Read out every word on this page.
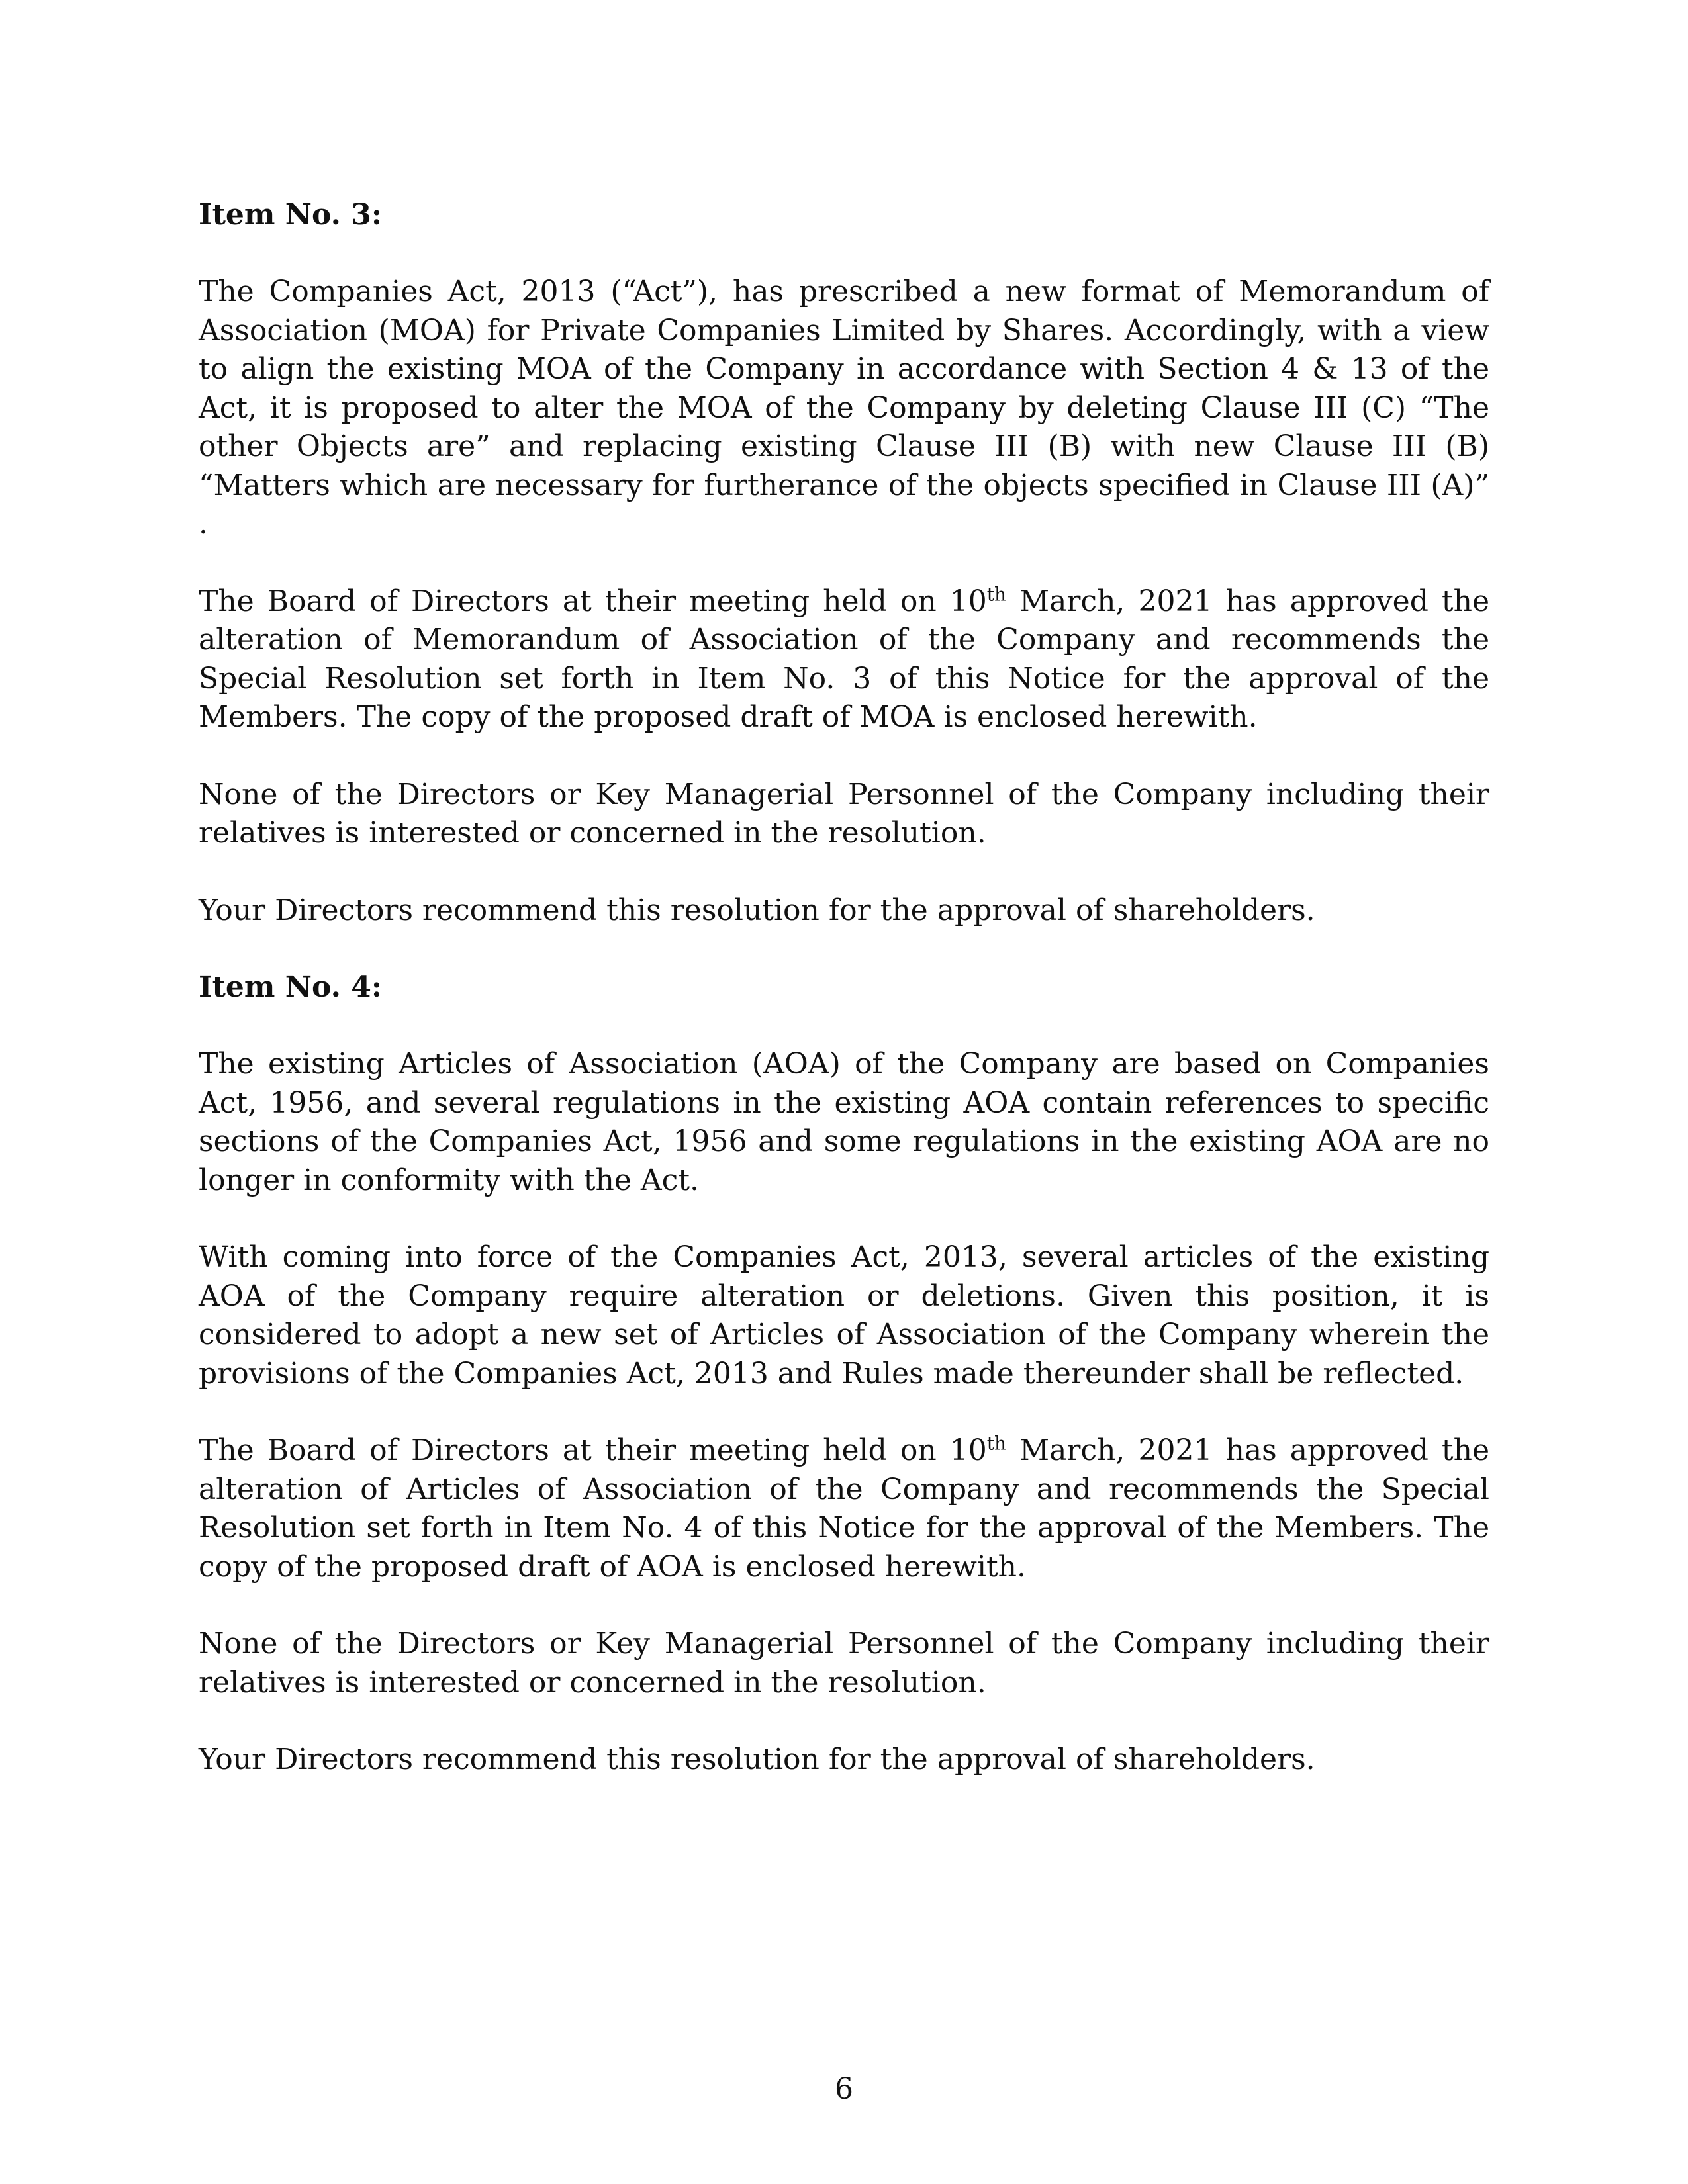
Item No. 3:

The Companies Act, 2013 (“Act”), has prescribed a new format of Memorandum of Association (MOA) for Private Companies Limited by Shares. Accordingly, with a view to align the existing MOA of the Company in accordance with Section 4 & 13 of the Act, it is proposed to alter the MOA of the Company by deleting Clause III (C) “The other Objects are” and replacing existing Clause III (B) with new Clause III (B) “Matters which are necessary for furtherance of the objects specified in Clause III (A)” .

The Board of Directors at their meeting held on 10th March, 2021 has approved the alteration of Memorandum of Association of the Company and recommends the Special Resolution set forth in Item No. 3 of this Notice for the approval of the Members. The copy of the proposed draft of MOA is enclosed herewith.

None of the Directors or Key Managerial Personnel of the Company including their relatives is interested or concerned in the resolution.

Your Directors recommend this resolution for the approval of shareholders.

Item No. 4:

The existing Articles of Association (AOA) of the Company are based on Companies Act, 1956, and several regulations in the existing AOA contain references to specific sections of the Companies Act, 1956 and some regulations in the existing AOA are no longer in conformity with the Act.

With coming into force of the Companies Act, 2013, several articles of the existing AOA of the Company require alteration or deletions. Given this position, it is considered to adopt a new set of Articles of Association of the Company wherein the provisions of the Companies Act, 2013 and Rules made thereunder shall be reflected.

The Board of Directors at their meeting held on 10th March, 2021 has approved the alteration of Articles of Association of the Company and recommends the Special Resolution set forth in Item No. 4 of this Notice for the approval of the Members. The copy of the proposed draft of AOA is enclosed herewith.

None of the Directors or Key Managerial Personnel of the Company including their relatives is interested or concerned in the resolution.

Your Directors recommend this resolution for the approval of shareholders.

6
